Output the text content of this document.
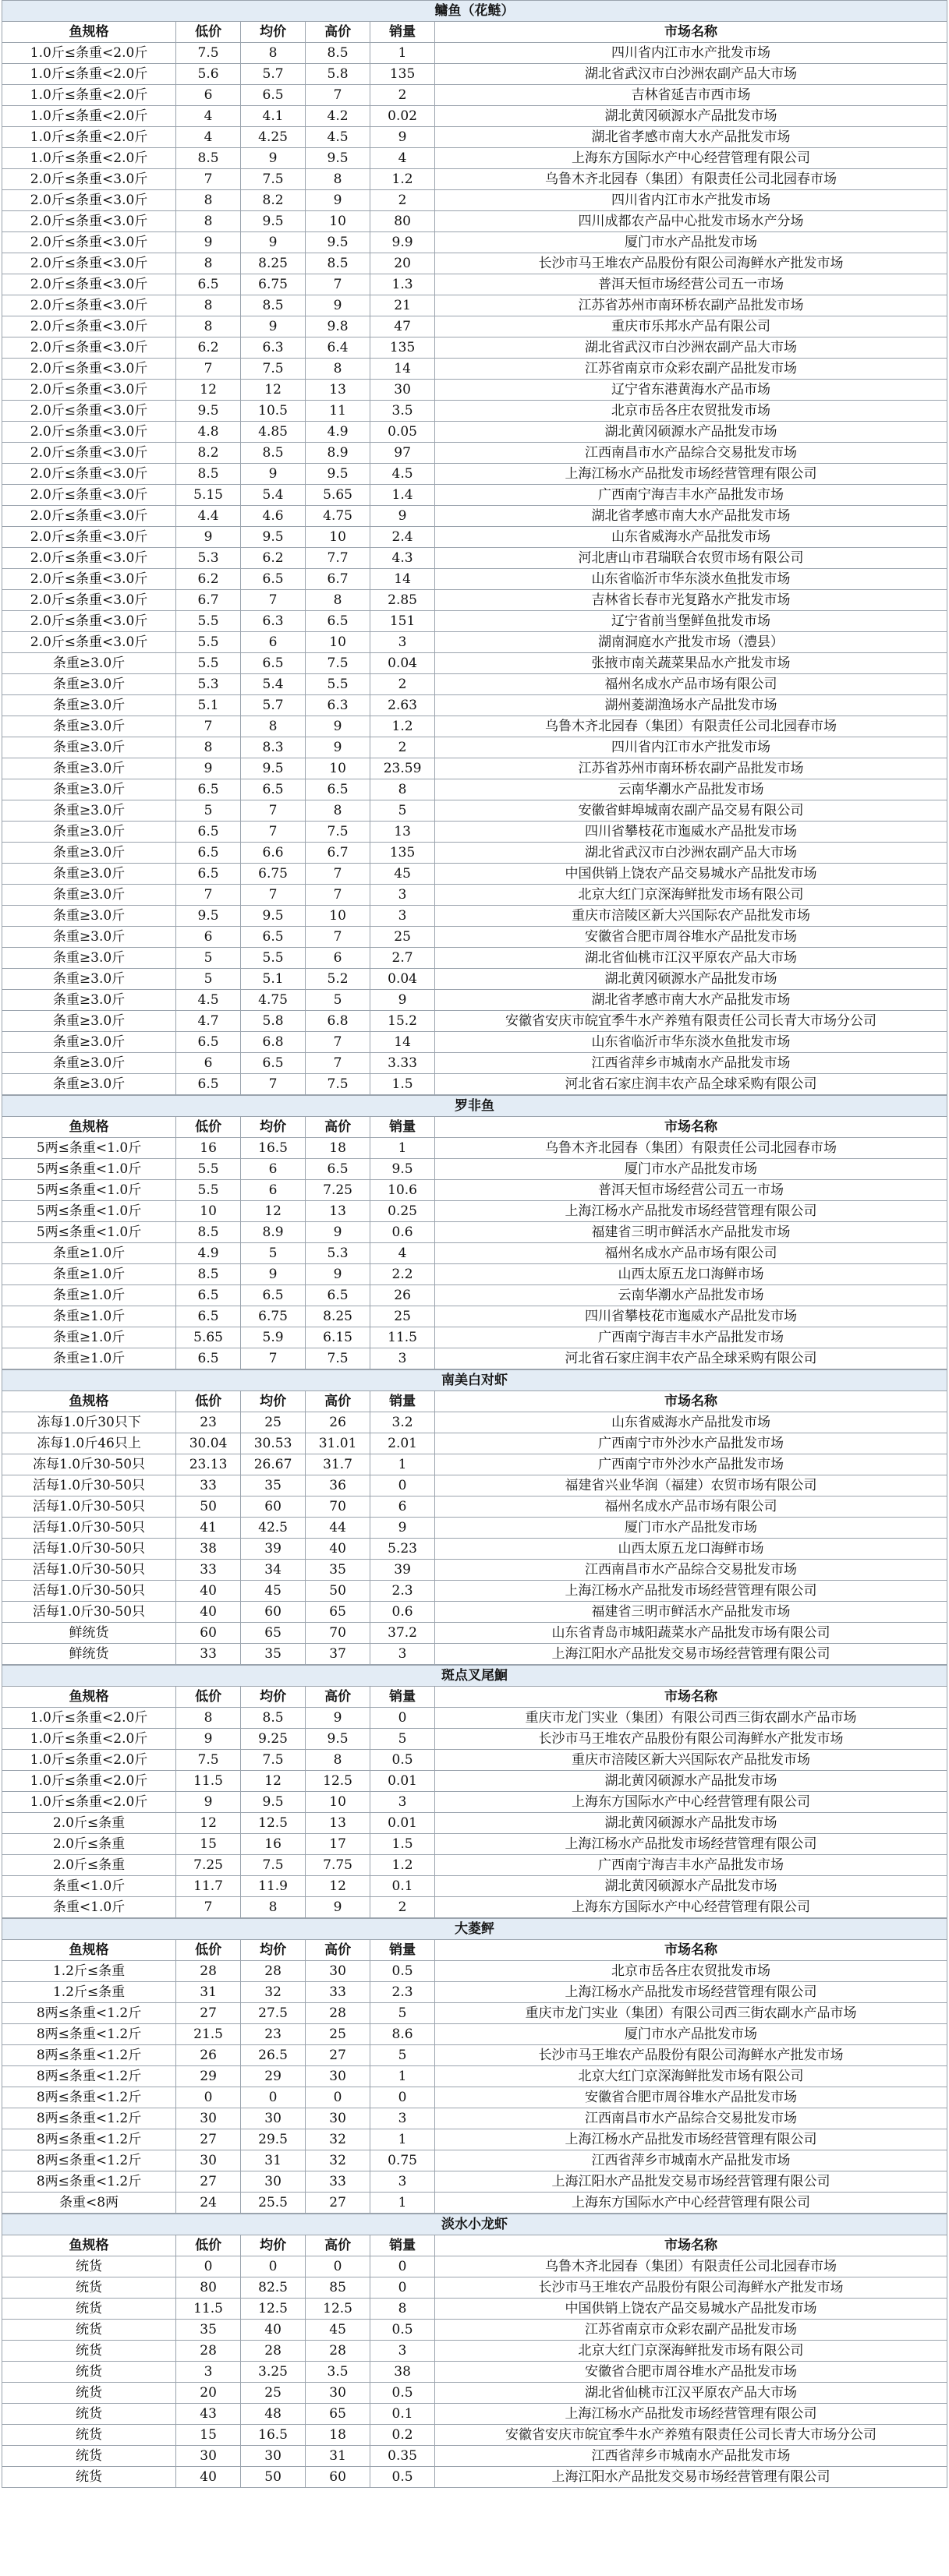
鳙鱼（花鲢）					
鱼规格	低价	均价	高价	销量	市场名称
1.0斤≤条重<2.0斤	7.5	8	8.5	1	四川省内江市水产批发市场
1.0斤≤条重<2.0斤	5.6	5.7	5.8	135	湖北省武汉市白沙洲农副产品大市场
1.0斤≤条重<2.0斤	6	6.5	7	2	吉林省延吉市西市场
1.0斤≤条重<2.0斤	4	4.1	4.2	0.02	湖北黄冈硕源水产品批发市场
1.0斤≤条重<2.0斤	4	4.25	4.5	9	湖北省孝感市南大水产品批发市场
1.0斤≤条重<2.0斤	8.5	9	9.5	4	上海东方国际水产中心经营管理有限公司
2.0斤≤条重<3.0斤	7	7.5	8	1.2	乌鲁木齐北园春（集团）有限责任公司北园春市场
2.0斤≤条重<3.0斤	8	8.2	9	2	四川省内江市水产批发市场
2.0斤≤条重<3.0斤	8	9.5	10	80	四川成都农产品中心批发市场水产分场
2.0斤≤条重<3.0斤	9	9	9.5	9.9	厦门市水产品批发市场
2.0斤≤条重<3.0斤	8	8.25	8.5	20	长沙市马王堆农产品股份有限公司海鲜水产批发市场
2.0斤≤条重<3.0斤	6.5	6.75	7	1.3	普洱天恒市场经营公司五一市场
2.0斤≤条重<3.0斤	8	8.5	9	21	江苏省苏州市南环桥农副产品批发市场
2.0斤≤条重<3.0斤	8	9	9.8	47	重庆市乐邦水产品有限公司
2.0斤≤条重<3.0斤	6.2	6.3	6.4	135	湖北省武汉市白沙洲农副产品大市场
2.0斤≤条重<3.0斤	7	7.5	8	14	江苏省南京市众彩农副产品批发市场
2.0斤≤条重<3.0斤	12	12	13	30	辽宁省东港黄海水产品市场
2.0斤≤条重<3.0斤	9.5	10.5	11	3.5	北京市岳各庄农贸批发市场
2.0斤≤条重<3.0斤	4.8	4.85	4.9	0.05	湖北黄冈硕源水产品批发市场
2.0斤≤条重<3.0斤	8.2	8.5	8.9	97	江西南昌市水产品综合交易批发市场
2.0斤≤条重<3.0斤	8.5	9	9.5	4.5	上海江杨水产品批发市场经营管理有限公司
2.0斤≤条重<3.0斤	5.15	5.4	5.65	1.4	广西南宁海吉丰水产品批发市场
2.0斤≤条重<3.0斤	4.4	4.6	4.75	9	湖北省孝感市南大水产品批发市场
2.0斤≤条重<3.0斤	9	9.5	10	2.4	山东省威海水产品批发市场
2.0斤≤条重<3.0斤	5.3	6.2	7.7	4.3	河北唐山市君瑞联合农贸市场有限公司
2.0斤≤条重<3.0斤	6.2	6.5	6.7	14	山东省临沂市华东淡水鱼批发市场
2.0斤≤条重<3.0斤	6.7	7	8	2.85	吉林省长春市光复路水产批发市场
2.0斤≤条重<3.0斤	5.5	6.3	6.5	151	辽宁省前当堡鲜鱼批发市场
2.0斤≤条重<3.0斤	5.5	6	10	3	湖南洞庭水产批发市场（澧县）
条重≥3.0斤	5.5	6.5	7.5	0.04	张掖市南关蔬菜果品水产批发市场
条重≥3.0斤	5.3	5.4	5.5	2	福州名成水产品市场有限公司
条重≥3.0斤	5.1	5.7	6.3	2.63	湖州菱湖渔场水产品批发市场
条重≥3.0斤	7	8	9	1.2	乌鲁木齐北园春（集团）有限责任公司北园春市场
条重≥3.0斤	8	8.3	9	2	四川省内江市水产批发市场
条重≥3.0斤	9	9.5	10	23.59	江苏省苏州市南环桥农副产品批发市场
条重≥3.0斤	6.5	6.5	6.5	8	云南华潮水产品批发市场
条重≥3.0斤	5	7	8	5	安徽省蚌埠城南农副产品交易有限公司
条重≥3.0斤	6.5	7	7.5	13	四川省攀枝花市迤威水产品批发市场
条重≥3.0斤	6.5	6.6	6.7	135	湖北省武汉市白沙洲农副产品大市场
条重≥3.0斤	6.5	6.75	7	45	中国供销上饶农产品交易城水产品批发市场
条重≥3.0斤	7	7	7	3	北京大红门京深海鲜批发市场有限公司
条重≥3.0斤	9.5	9.5	10	3	重庆市涪陵区新大兴国际农产品批发市场
条重≥3.0斤	6	6.5	7	25	安徽省合肥市周谷堆水产品批发市场
条重≥3.0斤	5	5.5	6	2.7	湖北省仙桃市江汉平原农产品大市场
条重≥3.0斤	5	5.1	5.2	0.04	湖北黄冈硕源水产品批发市场
条重≥3.0斤	4.5	4.75	5	9	湖北省孝感市南大水产品批发市场
条重≥3.0斤	4.7	5.8	6.8	15.2	安徽省安庆市皖宜季牛水产养殖有限责任公司长青大市场分公司
条重≥3.0斤	6.5	6.8	7	14	山东省临沂市华东淡水鱼批发市场
条重≥3.0斤	6	6.5	7	3.33	江西省萍乡市城南水产品批发市场
条重≥3.0斤	6.5	7	7.5	1.5	河北省石家庄润丰农产品全球采购有限公司
罗非鱼					
鱼规格	低价	均价	高价	销量	市场名称
5两≤条重<1.0斤	16	16.5	18	1	乌鲁木齐北园春（集团）有限责任公司北园春市场
5两≤条重<1.0斤	5.5	6	6.5	9.5	厦门市水产品批发市场
5两≤条重<1.0斤	5.5	6	7.25	10.6	普洱天恒市场经营公司五一市场
5两≤条重<1.0斤	10	12	13	0.25	上海江杨水产品批发市场经营管理有限公司
5两≤条重<1.0斤	8.5	8.9	9	0.6	福建省三明市鲜活水产品批发市场
条重≥1.0斤	4.9	5	5.3	4	福州名成水产品市场有限公司
条重≥1.0斤	8.5	9	9	2.2	山西太原五龙口海鲜市场
条重≥1.0斤	6.5	6.5	6.5	26	云南华潮水产品批发市场
条重≥1.0斤	6.5	6.75	8.25	25	四川省攀枝花市迤威水产品批发市场
条重≥1.0斤	5.65	5.9	6.15	11.5	广西南宁海吉丰水产品批发市场
条重≥1.0斤	6.5	7	7.5	3	河北省石家庄润丰农产品全球采购有限公司
南美白对虾					
鱼规格	低价	均价	高价	销量	市场名称
冻每1.0斤30只下	23	25	26	3.2	山东省威海水产品批发市场
冻每1.0斤46只上	30.04	30.53	31.01	2.01	广西南宁市外沙水产品批发市场
冻每1.0斤30-50只	23.13	26.67	31.7	1	广西南宁市外沙水产品批发市场
活每1.0斤30-50只	33	35	36	0	福建省兴业华润（福建）农贸市场有限公司
活每1.0斤30-50只	50	60	70	6	福州名成水产品市场有限公司
活每1.0斤30-50只	41	42.5	44	9	厦门市水产品批发市场
活每1.0斤30-50只	38	39	40	5.23	山西太原五龙口海鲜市场
活每1.0斤30-50只	33	34	35	39	江西南昌市水产品综合交易批发市场
活每1.0斤30-50只	40	45	50	2.3	上海江杨水产品批发市场经营管理有限公司
活每1.0斤30-50只	40	60	65	0.6	福建省三明市鲜活水产品批发市场
鲜统货	60	65	70	37.2	山东省青岛市城阳蔬菜水产品批发市场有限公司
鲜统货	33	35	37	3	上海江阳水产品批发交易市场经营管理有限公司
斑点叉尾鮰					
鱼规格	低价	均价	高价	销量	市场名称
1.0斤≤条重<2.0斤	8	8.5	9	0	重庆市龙门实业（集团）有限公司西三街农副水产品市场
1.0斤≤条重<2.0斤	9	9.25	9.5	5	长沙市马王堆农产品股份有限公司海鲜水产批发市场
1.0斤≤条重<2.0斤	7.5	7.5	8	0.5	重庆市涪陵区新大兴国际农产品批发市场
1.0斤≤条重<2.0斤	11.5	12	12.5	0.01	湖北黄冈硕源水产品批发市场
1.0斤≤条重<2.0斤	9	9.5	10	3	上海东方国际水产中心经营管理有限公司
2.0斤≤条重	12	12.5	13	0.01	湖北黄冈硕源水产品批发市场
2.0斤≤条重	15	16	17	1.5	上海江杨水产品批发市场经营管理有限公司
2.0斤≤条重	7.25	7.5	7.75	1.2	广西南宁海吉丰水产品批发市场
条重<1.0斤	11.7	11.9	12	0.1	湖北黄冈硕源水产品批发市场
条重<1.0斤	7	8	9	2	上海东方国际水产中心经营管理有限公司
大菱鲆					
鱼规格	低价	均价	高价	销量	市场名称
1.2斤≤条重	28	28	30	0.5	北京市岳各庄农贸批发市场
1.2斤≤条重	31	32	33	2.3	上海江杨水产品批发市场经营管理有限公司
8两≤条重<1.2斤	27	27.5	28	5	重庆市龙门实业（集团）有限公司西三街农副水产品市场
8两≤条重<1.2斤	21.5	23	25	8.6	厦门市水产品批发市场
8两≤条重<1.2斤	26	26.5	27	5	长沙市马王堆农产品股份有限公司海鲜水产批发市场
8两≤条重<1.2斤	29	29	30	1	北京大红门京深海鲜批发市场有限公司
8两≤条重<1.2斤	0	0	0	0	安徽省合肥市周谷堆水产品批发市场
8两≤条重<1.2斤	30	30	30	3	江西南昌市水产品综合交易批发市场
8两≤条重<1.2斤	27	29.5	32	1	上海江杨水产品批发市场经营管理有限公司
8两≤条重<1.2斤	30	31	32	0.75	江西省萍乡市城南水产品批发市场
8两≤条重<1.2斤	27	30	33	3	上海江阳水产品批发交易市场经营管理有限公司
条重<8两	24	25.5	27	1	上海东方国际水产中心经营管理有限公司
淡水小龙虾					
鱼规格	低价	均价	高价	销量	市场名称
统货	0	0	0	0	乌鲁木齐北园春（集团）有限责任公司北园春市场
统货	80	82.5	85	0	长沙市马王堆农产品股份有限公司海鲜水产批发市场
统货	11.5	12.5	12.5	8	中国供销上饶农产品交易城水产品批发市场
统货	35	40	45	0.5	江苏省南京市众彩农副产品批发市场
统货	28	28	28	3	北京大红门京深海鲜批发市场有限公司
统货	3	3.25	3.5	38	安徽省合肥市周谷堆水产品批发市场
统货	20	25	30	0.5	湖北省仙桃市江汉平原农产品大市场
统货	43	48	65	0.1	上海江杨水产品批发市场经营管理有限公司
统货	15	16.5	18	0.2	安徽省安庆市皖宜季牛水产养殖有限责任公司长青大市场分公司
统货	30	30	31	0.35	江西省萍乡市城南水产品批发市场
统货	40	50	60	0.5	上海江阳水产品批发交易市场经营管理有限公司
